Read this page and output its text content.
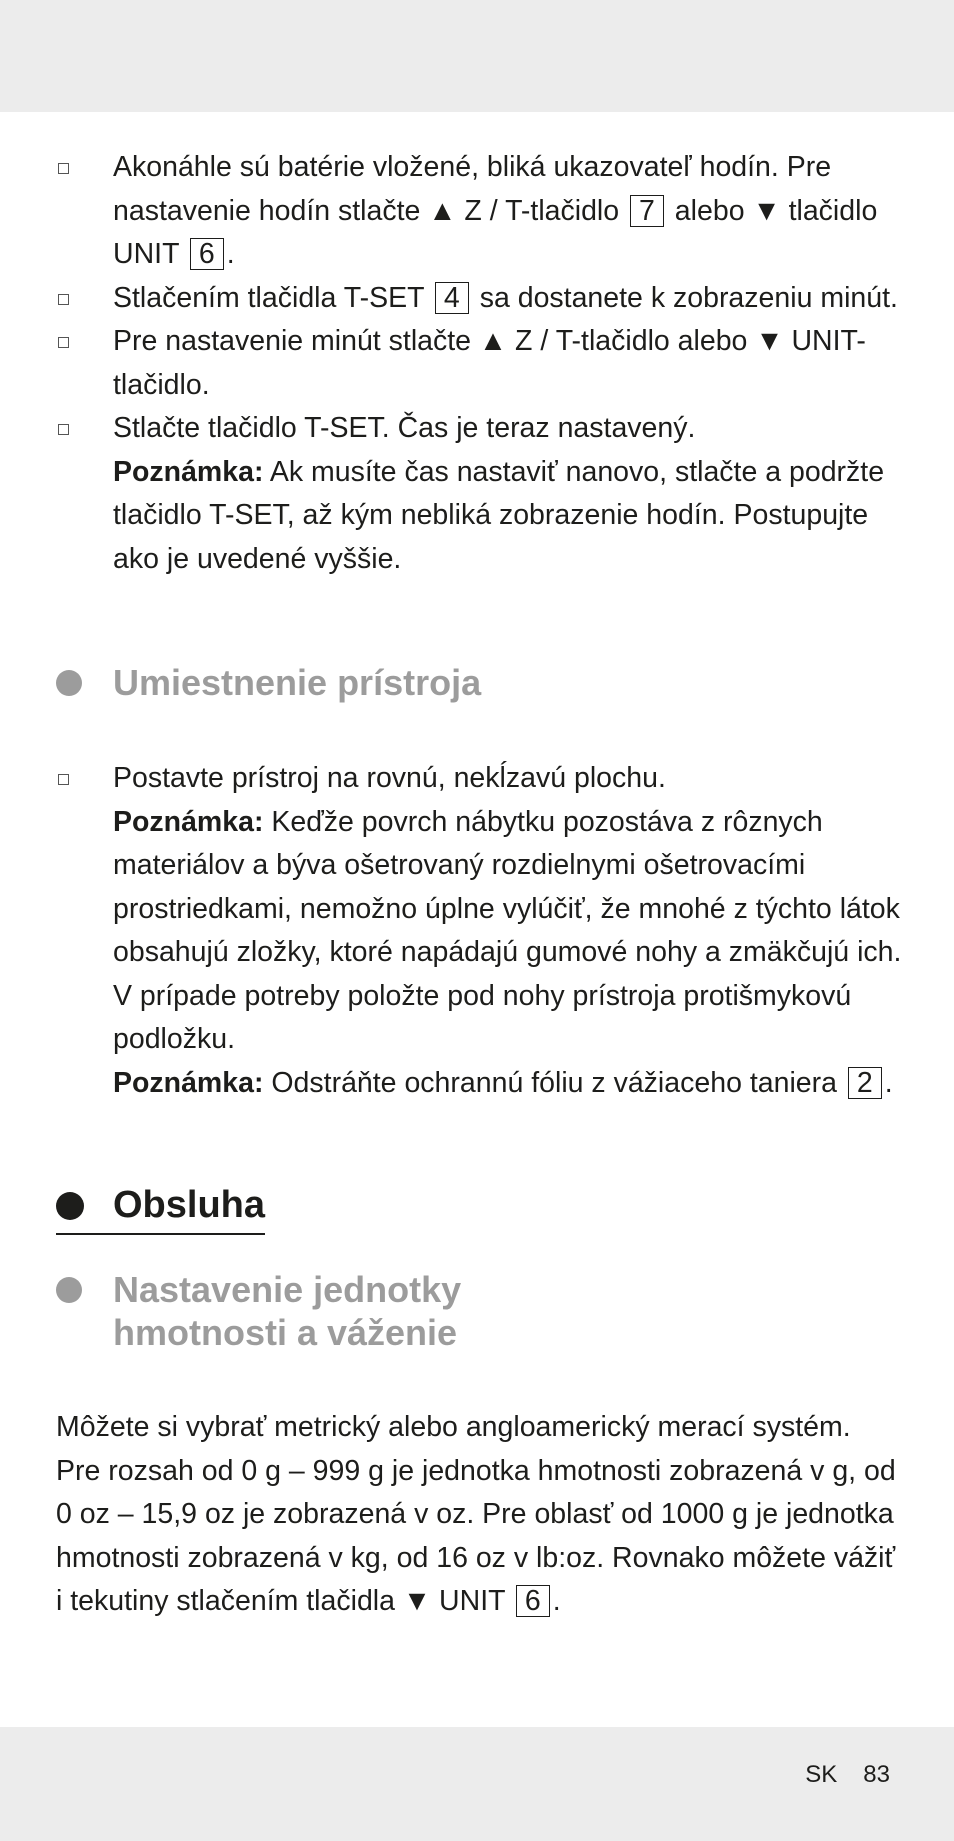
Akonáhle sú batérie vložené, bliká ukazovateľ hodín. Pre nastavenie hodín stlačte ▲ Z / T-tlačidlo 7 alebo ▼ tlačidlo UNIT 6 .
Stlačením tlačidla T-SET 4 sa dostanete k zobrazeniu minút.
Pre nastavenie minút stlačte ▲ Z / T-tlačidlo alebo ▼ UNIT-tlačidlo.
Stlačte tlačidlo T-SET. Čas je teraz nastavený.
Poznámka: Ak musíte čas nastaviť nanovo, stlačte a podržte tlačidlo T-SET, až kým nebliká zobrazenie hodín. Postupujte ako je uvedené vyššie.
Umiestnenie prístroja
Postavte prístroj na rovnú, nekĺzavú plochu.
Poznámka: Keďže povrch nábytku pozostáva z rôznych materiálov a býva ošetrovaný rozdielnymi ošetrovacími prostriedkami, nemožno úplne vylúčiť, že mnohé z týchto látok obsahujú zložky, ktoré napádajú gumové nohy a zmäkčujú ich. V prípade potreby položte pod nohy prístroja protišmykovú podložku.
Poznámka: Odstráňte ochrannú fóliu z vážiaceho taniera 2 .
Obsluha
Nastavenie jednotky
hmotnosti a váženie

Môžete si vybrať metrický alebo angloamerický merací systém. Pre rozsah od 0 g – 999 g je jednotka hmotnosti zobrazená v g, od 0 oz – 15,9 oz je zobrazená v oz. Pre oblasť od 1000 g je jednotka hmotnosti zobrazená v kg, od 16 oz v lb:oz. Rovnako môžete vážiť i tekutiny stlačením tlačidla ▼ UNIT 6 .

SK 83
